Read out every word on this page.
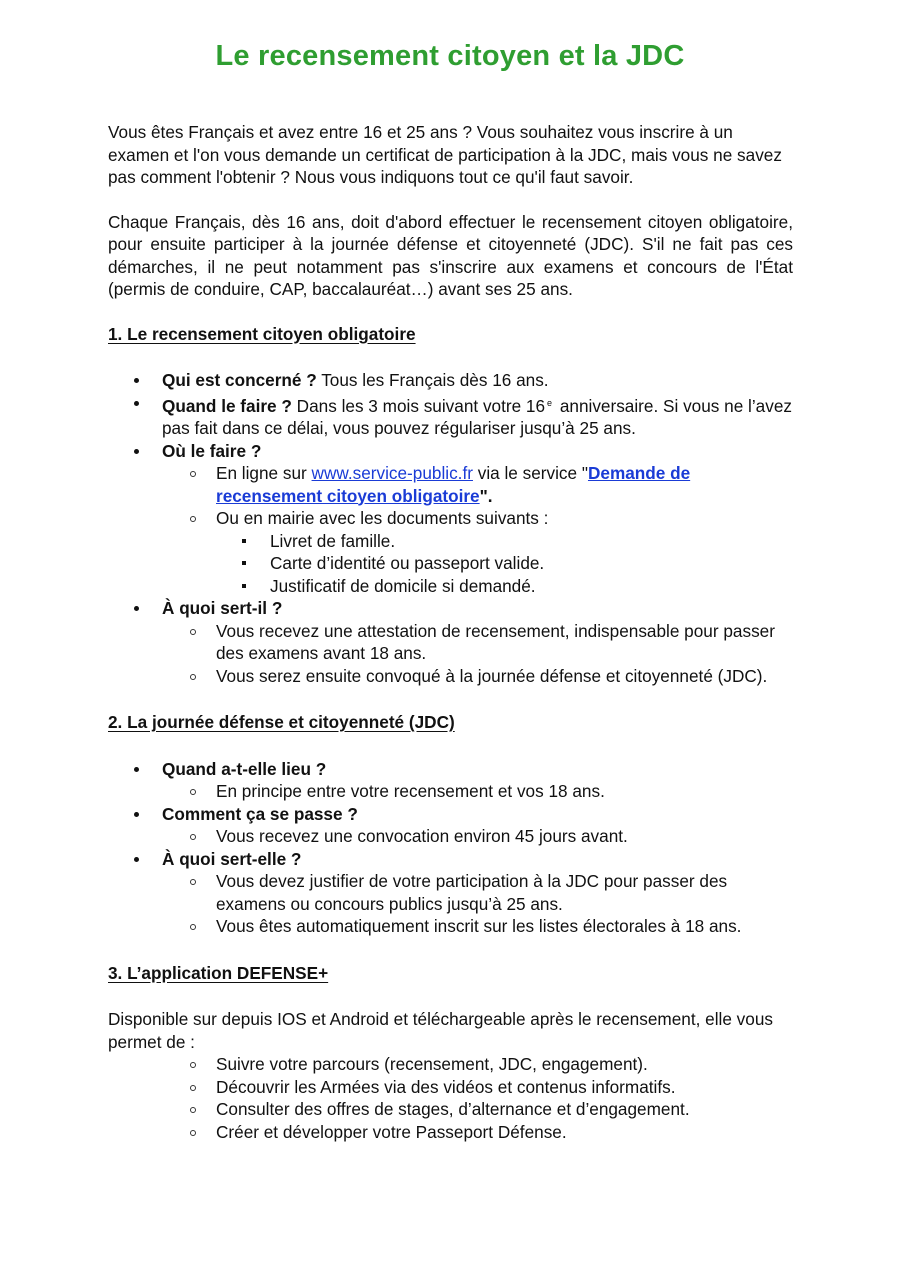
Le recensement citoyen et la JDC

Vous êtes Français et avez entre 16 et 25 ans ? Vous souhaitez vous inscrire à un examen et l'on vous demande un certificat de participation à la JDC, mais vous ne savez pas comment l'obtenir ? Nous vous indiquons tout ce qu'il faut savoir.

Chaque Français, dès 16 ans, doit d'abord effectuer le recensement citoyen obligatoire, pour ensuite participer à la journée défense et citoyenneté (JDC). S'il ne fait pas ces démarches, il ne peut notamment pas s'inscrire aux examens et concours de l'État (permis de conduire, CAP, baccalauréat…) avant ses 25 ans.

1. Le recensement citoyen obligatoire
Qui est concerné ? Tous les Français dès 16 ans.
Quand le faire ? Dans les 3 mois suivant votre 16 $^e$ anniversaire. Si vous ne l’avez pas fait dans ce délai, vous pouvez régulariser jusqu’à 25 ans.
Où le faire ?
En ligne sur www.service-public.fr via le service "Demande de recensement citoyen obligatoire".
Ou en mairie avec les documents suivants :
Livret de famille.
Carte d’identité ou passeport valide.
Justificatif de domicile si demandé.
À quoi sert-il ?
Vous recevez une attestation de recensement, indispensable pour passer des examens avant 18 ans.
Vous serez ensuite convoqué à la journée défense et citoyenneté (JDC).
2. La journée défense et citoyenneté (JDC)
Quand a-t-elle lieu ?
En principe entre votre recensement et vos 18 ans.
Comment ça se passe ?
Vous recevez une convocation environ 45 jours avant.
À quoi sert-elle ?
Vous devez justifier de votre participation à la JDC pour passer des examens ou concours publics jusqu’à 25 ans.
Vous êtes automatiquement inscrit sur les listes électorales à 18 ans.
3. L’application DEFENSE+

Disponible sur depuis IOS et Android et téléchargeable après le recensement, elle vous permet de :

Suivre votre parcours (recensement, JDC, engagement).
Découvrir les Armées via des vidéos et contenus informatifs.
Consulter des offres de stages, d’alternance et d’engagement.
Créer et développer votre Passeport Défense.
